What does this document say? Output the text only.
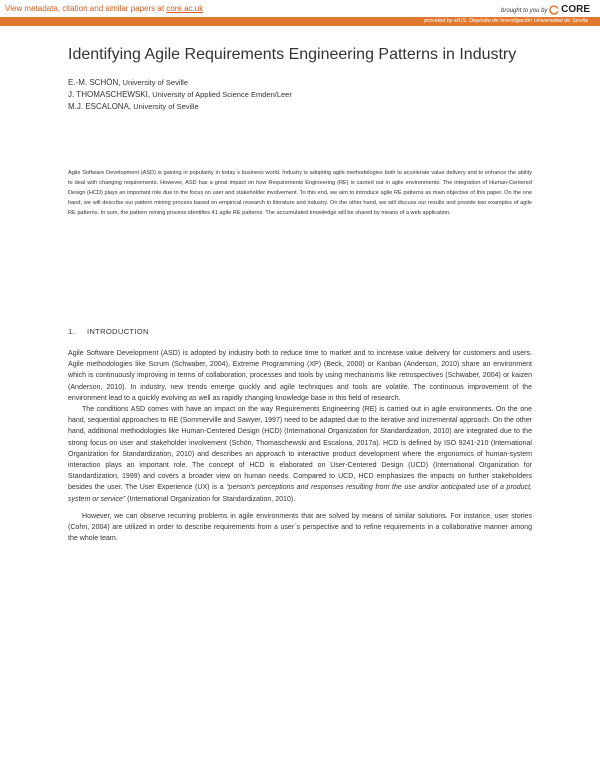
View metadata, citation and similar papers at core.ac.uk	brought to you by CORE
provided by idUS. Depósito de Investigación Universidad de Sevilla
Identifying Agile Requirements Engineering Patterns in Industry
E.-M. SCHÖN, University of Seville
J. THOMASCHEWSKI, University of Applied Science Emden/Leer
M.J. ESCALONA, University of Seville
Agile Software Development (ASD) is gaining in popularity in today´s business world. Industry is adopting agile methodologies both to accelerate value delivery and to enhance the ability to deal with changing requirements. However, ASD has a great impact on how Requirements Engineering (RE) is carried out in agile environments. The integration of Human-Centered Design (HCD) plays an important role due to the focus on user and stakeholder involvement. To this end, we aim to introduce agile RE patterns as main objective of this paper. On the one hand, we will describe our pattern mining process based on empirical research in literature and industry. On the other hand, we will discuss our results and provide two examples of agile RE patterns. In sum, the pattern mining process identifies 41 agile RE patterns. The accumulated knowledge will be shared by means of a web application.
1. INTRODUCTION

Agile Software Development (ASD) is adopted by industry both to reduce time to market and to increase value delivery for customers and users. Agile methodologies like Scrum (Schwaber, 2004), Extreme Programming (XP) (Beck, 2000) or Kanban (Anderson, 2010) share an environment which is continuously improving in terms of collaboration, processes and tools by using mechanisms like retrospectives (Schwaber, 2004) or kaizen (Anderson, 2010). In industry, new trends emerge quickly and agile techniques and tools are volatile. The continuous improvement of the environment lead to a quickly evolving as well as rapidly changing knowledge base in this field of research.

The conditions ASD comes with have an impact on the way Requirements Engineering (RE) is carried out in agile environments. On the one hand, sequential approaches to RE (Sommerville and Sawyer, 1997) need to be adapted due to the iterative and incremental approach. On the other hand, additional methodologies like Human-Centered Design (HCD) (International Organization for Standardization, 2010) are integrated due to the strong focus on user and stakeholder involvement (Schön, Thomaschewski and Escalona, 2017a). HCD is defined by ISO 9241-210 (International Organization for Standardization, 2010) and describes an approach to interactive product development where the ergonomics of human-system interaction plays an important role. The concept of HCD is elaborated on User-Centered Design (UCD) (International Organization for Standardization, 1999) and covers a broader view on human needs. Compared to UCD, HCD emphasizes the impacts on further stakeholders besides the user. The User Experience (UX) is a “person's perceptions and responses resulting from the use and/or anticipated use of a product, system or service” (International Organization for Standardization, 2010).

However, we can observe recurring problems in agile environments that are solved by means of similar solutions. For instance, user stories (Cohn, 2004) are utilized in order to describe requirements from a user´s perspective and to refine requirements in a collaborative manner among the whole team.
